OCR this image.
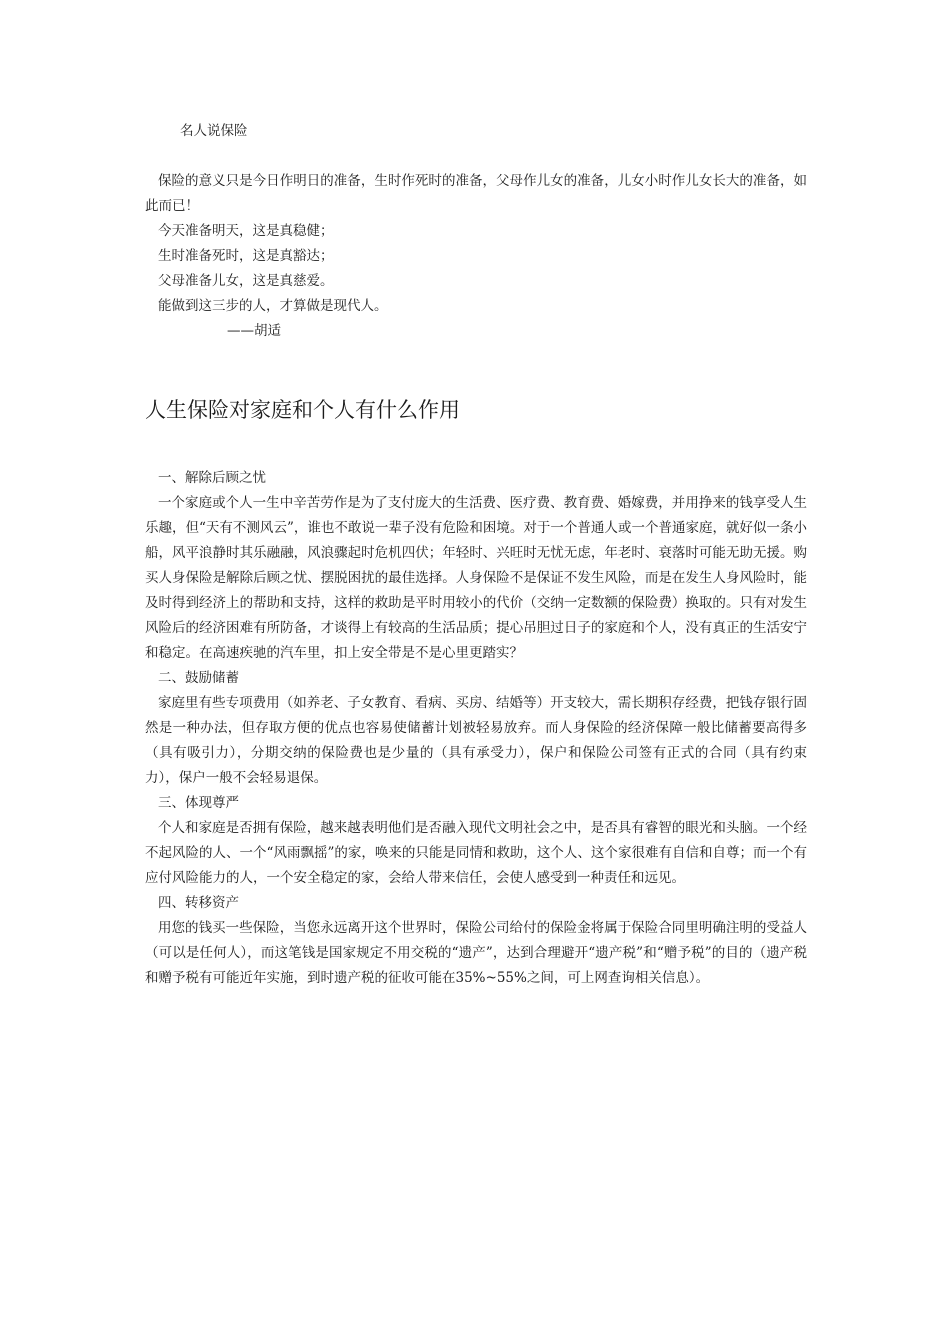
名人说保险

保险的意义只是今日作明日的准备，生时作死时的准备，父母作儿女的准备，儿女小时作儿女长大的准备，如此而已！

今天准备明天，这是真稳健；

生时准备死时，这是真豁达；

父母准备儿女，这是真慈爱。

能做到这三步的人，才算做是现代人。

——胡适

人生保险对家庭和个人有什么作用

一、解除后顾之忧

一个家庭或个人一生中辛苦劳作是为了支付庞大的生活费、医疗费、教育费、婚嫁费，并用挣来的钱享受人生乐趣，但“天有不测风云”，谁也不敢说一辈子没有危险和困境。对于一个普通人或一个普通家庭，就好似一条小船，风平浪静时其乐融融，风浪骤起时危机四伏；年轻时、兴旺时无忧无虑，年老时、衰落时可能无助无援。购买人身保险是解除后顾之忧、摆脱困扰的最佳选择。人身保险不是保证不发生风险，而是在发生人身风险时，能及时得到经济上的帮助和支持，这样的救助是平时用较小的代价（交纳一定数额的保险费）换取的。只有对发生风险后的经济困难有所防备，才谈得上有较高的生活品质；提心吊胆过日子的家庭和个人，没有真正的生活安宁和稳定。在高速疾驰的汽车里，扣上安全带是不是心里更踏实？

二、鼓励储蓄

家庭里有些专项费用（如养老、子女教育、看病、买房、结婚等）开支较大，需长期积存经费，把钱存银行固然是一种办法，但存取方便的优点也容易使储蓄计划被轻易放弃。而人身保险的经济保障一般比储蓄要高得多（具有吸引力），分期交纳的保险费也是少量的（具有承受力），保户和保险公司签有正式的合同（具有约束力），保户一般不会轻易退保。

三、体现尊严

个人和家庭是否拥有保险，越来越表明他们是否融入现代文明社会之中，是否具有睿智的眼光和头脑。一个经不起风险的人、一个“风雨飘摇”的家，唤来的只能是同情和救助，这个人、这个家很难有自信和自尊；而一个有应付风险能力的人，一个安全稳定的家，会给人带来信任，会使人感受到一种责任和远见。

四、转移资产

用您的钱买一些保险，当您永远离开这个世界时，保险公司给付的保险金将属于保险合同里明确注明的受益人（可以是任何人），而这笔钱是国家规定不用交税的“遗产”，达到合理避开“遗产税”和“赠予税”的目的（遗产税和赠予税有可能近年实施，到时遗产税的征收可能在35%~55%之间，可上网查询相关信息）。
